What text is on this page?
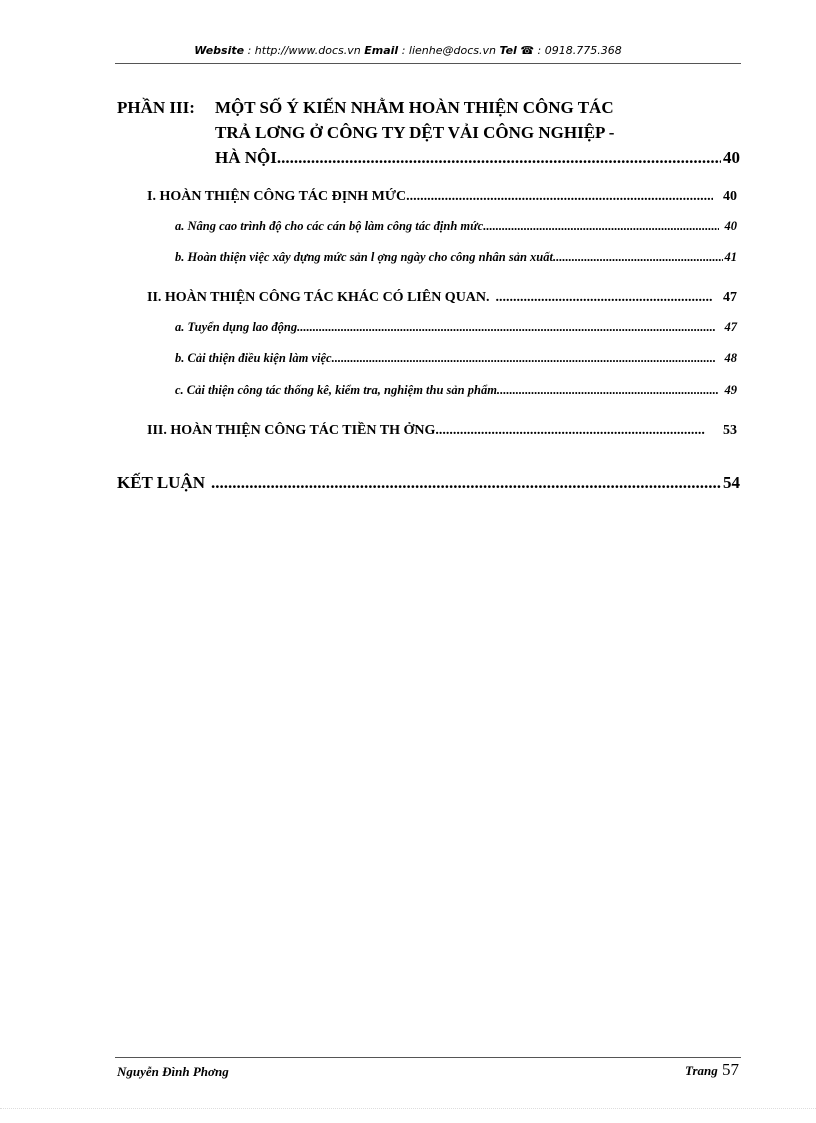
Website : http://www.docs.vn Email : lienhe@docs.vn Tel ☎ : 0918.775.368
PHẦN III: MỘT SỐ Ý KIẾN NHẰM HOÀN THIỆN CÔNG TÁC
TRẢ LƠNG Ở CÔNG TY DỆT VẢI CÔNG NGHIỆP -
HÀ NỘI .....	40
I. HOÀN THIỆN CÔNG TÁC ĐỊNH MỨC .....	40
a. Nâng cao trình độ cho các cán bộ làm công tác định mức. .....	40
b. Hoàn thiện việc xây dựng mức sản l ợng ngày cho công nhân sản xuất .....	41
II. HOÀN THIỆN CÔNG TÁC KHÁC CÓ LIÊN QUAN. .....	47
a. Tuyển dụng lao động. .....	47
b. Cải thiện điều kiện làm việc. .....	48
c. Cải thiện công tác thống kê, kiểm tra, nghiệm thu sản phẩm. .....	49
III. HOÀN THIỆN CÔNG TÁC TIỀN TH ỞNG .....	53
KẾT LUẬN .....	54
Nguyễn Đình Phơng	Trang 57
